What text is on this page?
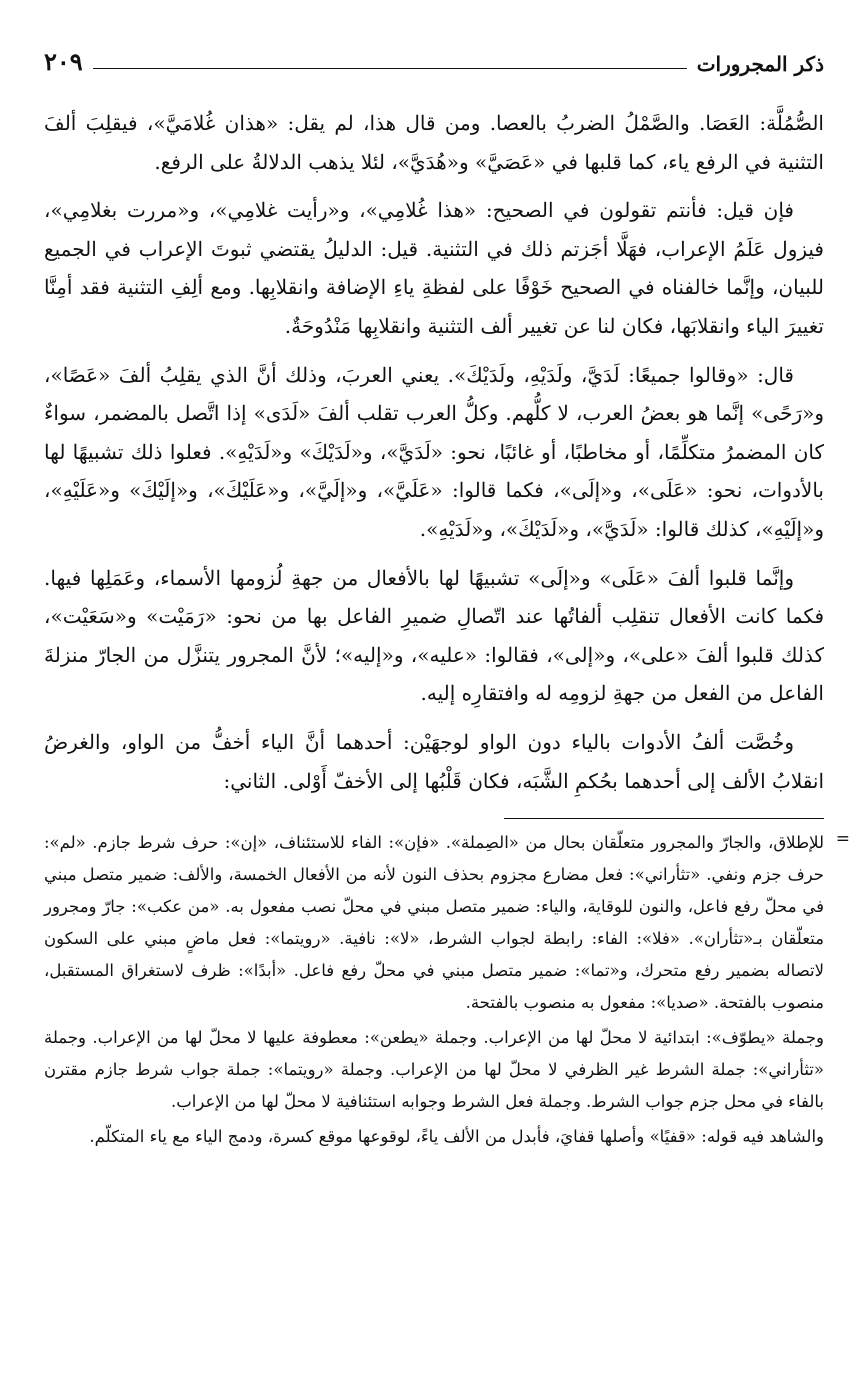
ذكر المجرورات
٢٠٩

الصُّمُلَّة: العَصَا. والصَّمْلُ الضربُ بالعصا. ومن قال هذا، لم يقل: «هذان غُلامَيَّ»، فيقلِبَ ألفَ التثنية في الرفع ياء، كما قلبها في «عَصَيَّ» و«هُدَيَّ»، لئلا يذهب الدلالةُ على الرفع.

فإن قيل: فأنتم تقولون في الصحيح: «هذا غُلامِي»، و«رأيت غلامِي»، و«مررت بغلامِي»، فيزول عَلَمُ الإعراب، فهَلَّا أجَزتم ذلك في التثنية. قيل: الدليلُ يقتضي ثبوتَ الإعراب في الجميع للبيان، وإنَّما خالفناه في الصحيح خَوْفًا على لفظةِ ياءِ الإضافة وانقلابِها. ومع ألِفِ التثنية فقد أمِنَّا تغييرَ الياء وانقلابَها، فكان لنا عن تغيير ألف التثنية وانقلابِها مَنْدُوحَةٌ.

قال: «وقالوا جميعًا: لَدَيَّ، ولَدَيْهِ، ولَدَيْكَ». يعني العربَ، وذلك أنَّ الذي يقلِبُ ألفَ «عَصًا»، و«رَحًى» إنَّما هو بعضُ العرب، لا كلُّهم. وكلُّ العرب تقلب ألفَ «لَدَى» إذا اتَّصل بالمضمر، سواءٌ كان المضمرُ متكلِّمًا، أو مخاطبًا، أو غائبًا، نحو: «لَدَيَّ»، و«لَدَيْكَ» و«لَدَيْهِ». فعلوا ذلك تشبيهًا لها بالأدوات، نحو: «عَلَى»، و«إلَى»، فكما قالوا: «عَلَيَّ»، و«إلَيَّ»، و«عَلَيْكَ»، و«إلَيْكَ» و«عَلَيْهِ»، و«إلَيْهِ»، كذلك قالوا: «لَدَيَّ»، و«لَدَيْكَ»، و«لَدَيْهِ».

وإنَّما قلبوا ألفَ «عَلَى» و«إلَى» تشبيهًا لها بالأفعال من جهةِ لُزومها الأسماء، وعَمَلِها فيها. فكما كانت الأفعال تنقلِب ألفاتُها عند اتّصالِ ضميرِ الفاعل بها من نحو: «رَمَيْت» و«سَعَيْت»، كذلك قلبوا ألفَ «على»، و«إلى»، فقالوا: «عليه»، و«إليه»؛ لأنَّ المجرور يتنزَّل من الجارّ منزلةَ الفاعل من الفعل من جهةِ لزومِه له وافتقارِه إليه.

وخُصَّت ألفُ الأدوات بالياء دون الواو لوجهَيْن: أحدهما أنَّ الياء أخفُّ من الواو، والغرضُ انقلابُ الألف إلى أحدهما بحُكمِ الشَّبَه، فكان قَلْبُها إلى الأخفّ أَوْلى. الثاني:

=

للإطلاق، والجارّ والمجرور متعلّقان بحال من «الصِملة». «فإن»: الفاء للاستئناف، «إن»: حرف شرط جازم. «لم»: حرف جزم ونفي. «تثأراني»: فعل مضارع مجزوم بحذف النون لأنه من الأفعال الخمسة، والألف: ضمير متصل مبني في محلّ رفع فاعل، والنون للوقاية، والياء: ضمير متصل مبني في محلّ نصب مفعول به. «من عكب»: جارّ ومجرور متعلّقان بـ«تثأران». «فلا»: الفاء: رابطة لجواب الشرط، «لا»: نافية. «رويتما»: فعل ماضٍ مبني على السكون لاتصاله بضمير رفع متحرك، و«تما»: ضمير متصل مبني في محلّ رفع فاعل. «أبدًا»: ظرف لاستغراق المستقبل، منصوب بالفتحة. «صديا»: مفعول به منصوب بالفتحة.

وجملة «يطوّف»: ابتدائية لا محلّ لها من الإعراب. وجملة «يطعن»: معطوفة عليها لا محلّ لها من الإعراب. وجملة «تثأراني»: جملة الشرط غير الظرفي لا محلّ لها من الإعراب. وجملة «رويتما»: جملة جواب شرط جازم مقترن بالفاء في محل جزم جواب الشرط. وجملة فعل الشرط وجوابه استئنافية لا محلّ لها من الإعراب.

والشاهد فيه قوله: «قفيًا» وأصلها قفايَ، فأبدل من الألف ياءً، لوقوعها موقع كسرة، ودمج الياء مع ياء المتكلّم.
